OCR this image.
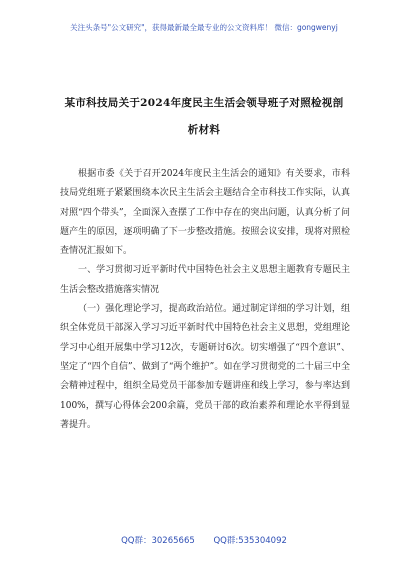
关注头条号"公文研究"，获得最新最全最专业的公文资料库！ 微信：gongwenyj
某市科技局关于2024年度民主生活会领导班子对照检视剖
析材料

根据市委《关于召开2024年度民主生活会的通知》有关要求，市科技局党组班子紧紧围绕本次民主生活会主题结合全市科技工作实际，认真对照“四个带头”，全面深入查摆了工作中存在的突出问题，认真分析了问题产生的原因，逐项明确了下一步整改措施。按照会议安排，现将对照检查情况汇报如下。

一、学习贯彻习近平新时代中国特色社会主义思想主题教育专题民主生活会整改措施落实情况

（一）强化理论学习，提高政治站位。通过制定详细的学习计划，组织全体党员干部深入学习习近平新时代中国特色社会主义思想，党组理论学习中心组开展集中学习12次，专题研讨6次。切实增强了“四个意识”、坚定了“四个自信”、做到了“两个维护”。如在学习贯彻党的二十届三中全会精神过程中，组织全局党员干部参加专题讲座和线上学习，参与率达到100%，撰写心得体会200余篇，党员干部的政治素养和理论水平得到显著提升。

QQ群：30265665 QQ群:535304092
